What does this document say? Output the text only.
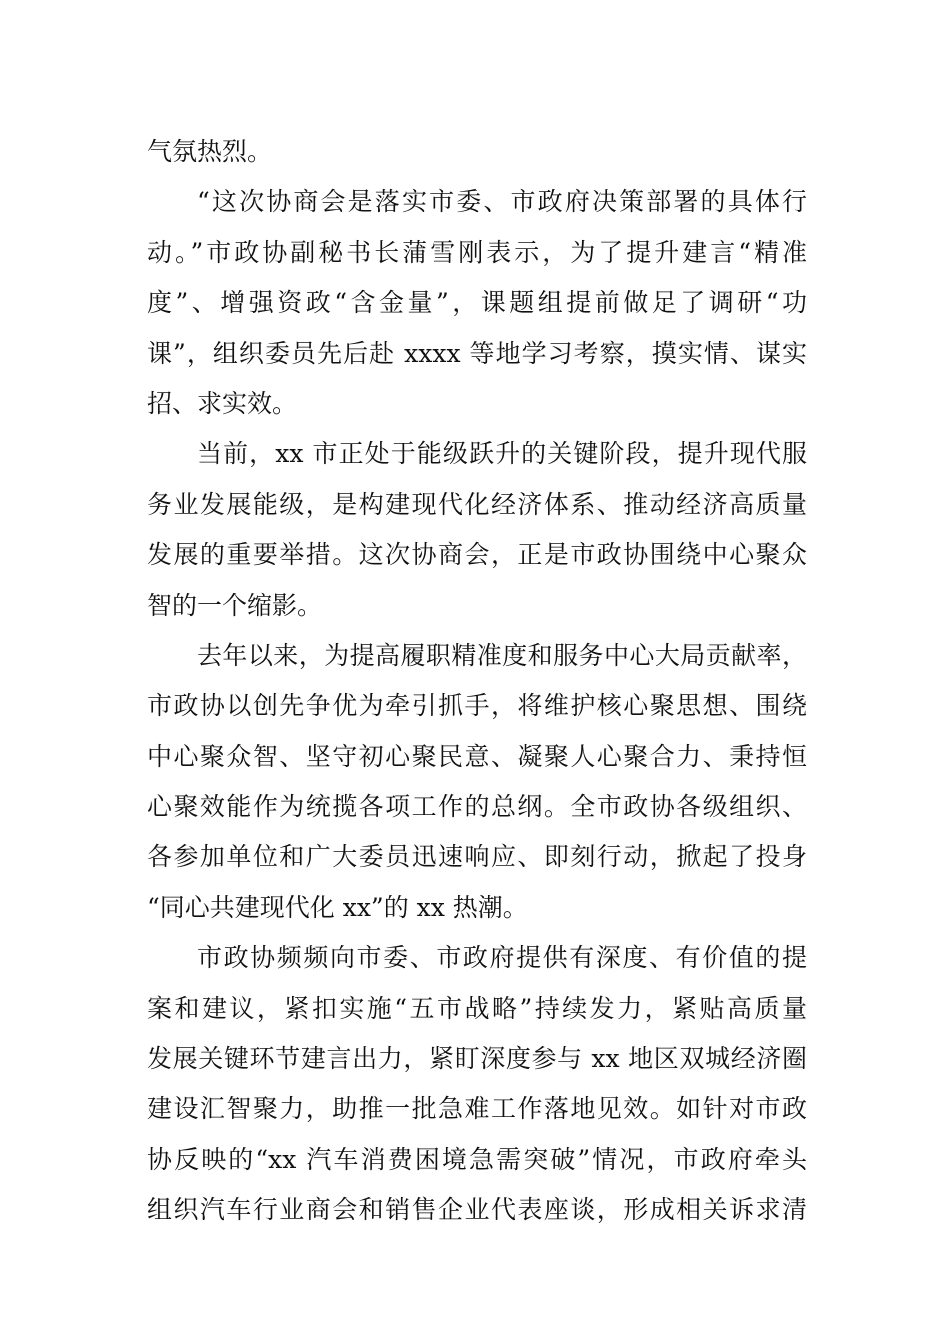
气氛热烈。
“这次协商会是落实市委、市政府决策部署的具体行
动。”市政协副秘书长蒲雪刚表示，为了提升建言“精准
度”、增强资政“含金量”，课题组提前做足了调研“功
课”，组织委员先后赴 xxxx 等地学习考察，摸实情、谋实
招、求实效。
当前，xx 市正处于能级跃升的关键阶段，提升现代服
务业发展能级，是构建现代化经济体系、推动经济高质量
发展的重要举措。这次协商会，正是市政协围绕中心聚众
智的一个缩影。
去年以来，为提高履职精准度和服务中心大局贡献率，
市政协以创先争优为牵引抓手，将维护核心聚思想、围绕
中心聚众智、坚守初心聚民意、凝聚人心聚合力、秉持恒
心聚效能作为统揽各项工作的总纲。全市政协各级组织、
各参加单位和广大委员迅速响应、即刻行动，掀起了投身
“同心共建现代化 xx”的 xx 热潮。
市政协频频向市委、市政府提供有深度、有价值的提
案和建议，紧扣实施“五市战略”持续发力，紧贴高质量
发展关键环节建言出力，紧盯深度参与 xx 地区双城经济圈
建设汇智聚力，助推一批急难工作落地见效。如针对市政
协反映的“xx 汽车消费困境急需突破”情况，市政府牵头
组织汽车行业商会和销售企业代表座谈，形成相关诉求清
